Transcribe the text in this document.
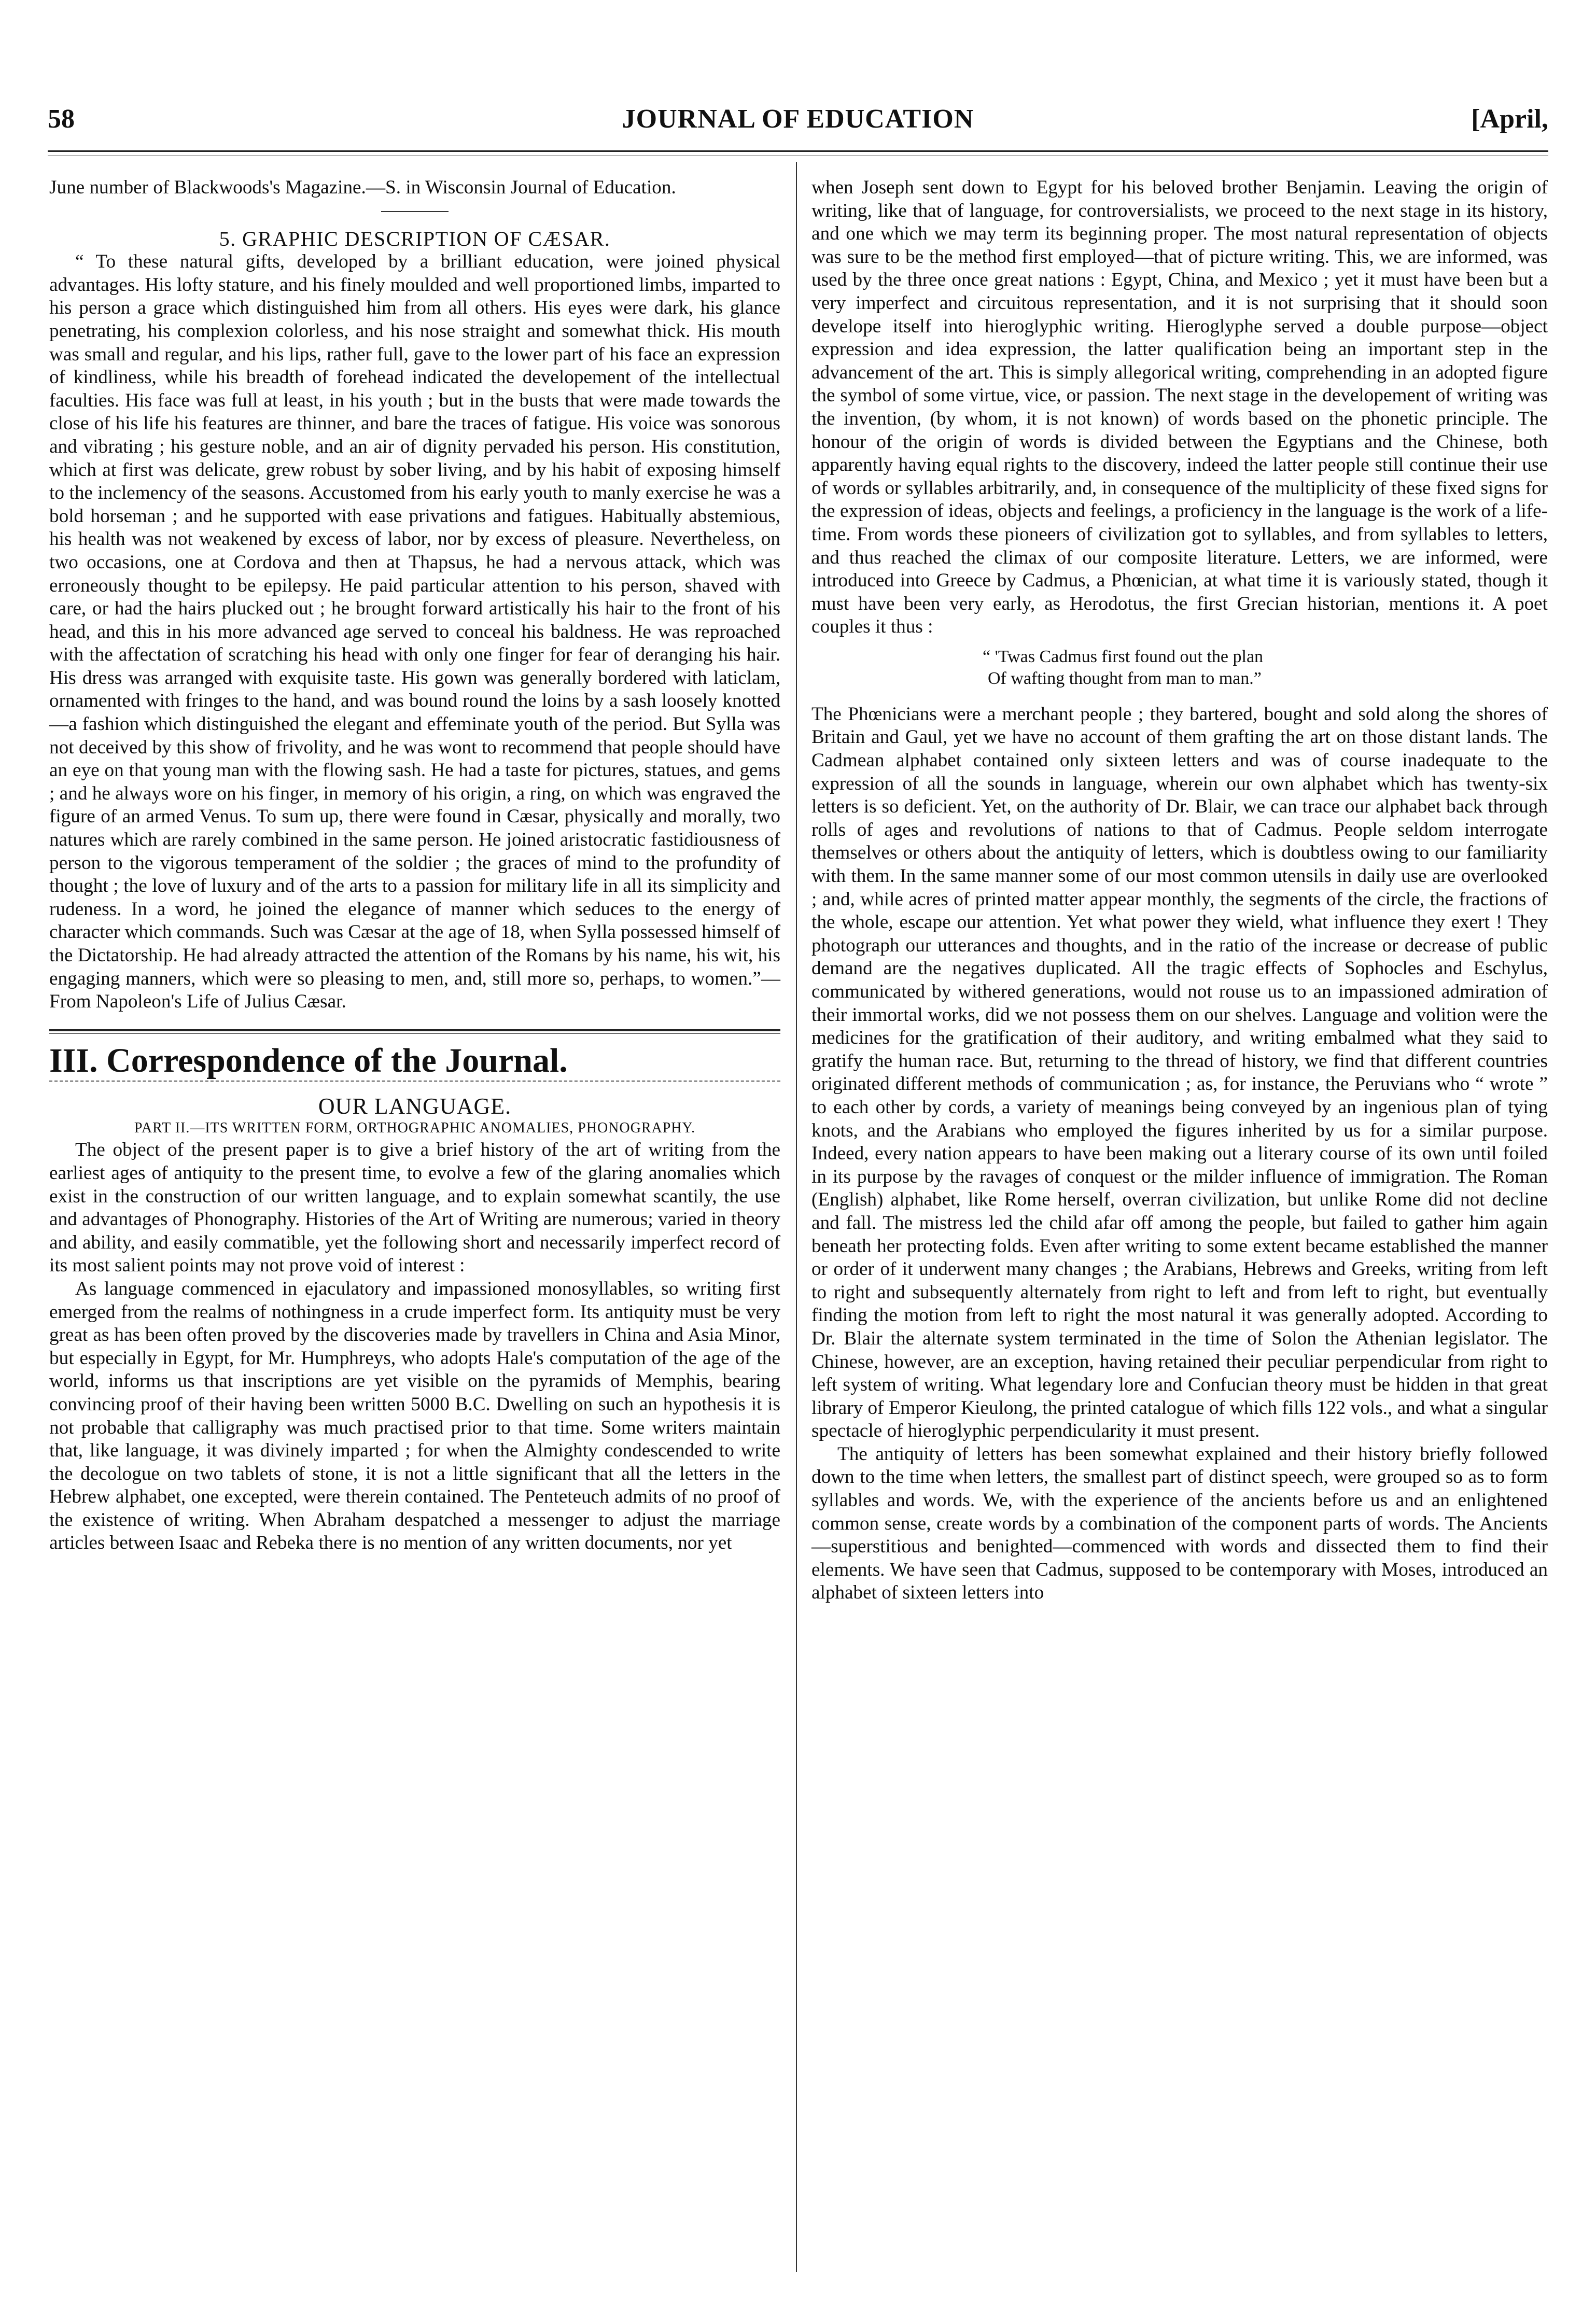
58	JOURNAL OF EDUCATION	[April,

June number of Blackwoods's Magazine.—S. in Wisconsin Journal of Education.

5. GRAPHIC DESCRIPTION OF CÆSAR.

“ To these natural gifts, developed by a brilliant education, were joined physical advantages. His lofty stature, and his finely moulded and well proportioned limbs, imparted to his person a grace which distinguished him from all others. His eyes were dark, his glance penetrating, his complexion colorless, and his nose straight and somewhat thick. His mouth was small and regular, and his lips, rather full, gave to the lower part of his face an expression of kindliness, while his breadth of forehead indicated the developement of the intellectual faculties. His face was full at least, in his youth ; but in the busts that were made towards the close of his life his features are thinner, and bare the traces of fatigue. His voice was sonorous and vibrating ; his gesture noble, and an air of dignity pervaded his person. His constitution, which at first was delicate, grew robust by sober living, and by his habit of exposing himself to the inclemency of the seasons. Accustomed from his early youth to manly exercise he was a bold horseman ; and he supported with ease privations and fatigues. Habitually abstemious, his health was not weakened by excess of labor, nor by excess of pleasure. Nevertheless, on two occasions, one at Cordova and then at Thapsus, he had a nervous attack, which was erroneously thought to be epilepsy. He paid particular attention to his person, shaved with care, or had the hairs plucked out ; he brought forward artistically his hair to the front of his head, and this in his more advanced age served to conceal his baldness. He was reproached with the affectation of scratching his head with only one finger for fear of deranging his hair. His dress was arranged with exquisite taste. His gown was generally bordered with laticlam, ornamented with fringes to the hand, and was bound round the loins by a sash loosely knotted—a fashion which distinguished the elegant and effeminate youth of the period. But Sylla was not deceived by this show of frivolity, and he was wont to recommend that people should have an eye on that young man with the flowing sash. He had a taste for pictures, statues, and gems ; and he always wore on his finger, in memory of his origin, a ring, on which was engraved the figure of an armed Venus. To sum up, there were found in Cæsar, physically and morally, two natures which are rarely combined in the same person. He joined aristocratic fastidiousness of person to the vigorous temperament of the soldier ; the graces of mind to the profundity of thought ; the love of luxury and of the arts to a passion for military life in all its simplicity and rudeness. In a word, he joined the elegance of manner which seduces to the energy of character which commands. Such was Cæsar at the age of 18, when Sylla possessed himself of the Dictatorship. He had already attracted the attention of the Romans by his name, his wit, his engaging manners, which were so pleasing to men, and, still more so, perhaps, to women.”—From Napoleon's Life of Julius Cæsar.

III. Correspondence of the Journal.

OUR LANGUAGE.

PART II.—ITS WRITTEN FORM, ORTHOGRAPHIC ANOMALIES, PHONOGRAPHY.

The object of the present paper is to give a brief history of the art of writing from the earliest ages of antiquity to the present time, to evolve a few of the glaring anomalies which exist in the construction of our written language, and to explain somewhat scantily, the use and advantages of Phonography. Histories of the Art of Writing are numerous; varied in theory and ability, and easily commatible, yet the following short and necessarily imperfect record of its most salient points may not prove void of interest :

As language commenced in ejaculatory and impassioned monosyllables, so writing first emerged from the realms of nothingness in a crude imperfect form. Its antiquity must be very great as has been often proved by the discoveries made by travellers in China and Asia Minor, but especially in Egypt, for Mr. Humphreys, who adopts Hale's computation of the age of the world, informs us that inscriptions are yet visible on the pyramids of Memphis, bearing convincing proof of their having been written 5000 B.C. Dwelling on such an hypothesis it is not probable that calligraphy was much practised prior to that time. Some writers maintain that, like language, it was divinely imparted ; for when the Almighty condescended to write the decologue on two tablets of stone, it is not a little significant that all the letters in the Hebrew alphabet, one excepted, were therein contained. The Penteteuch admits of no proof of the existence of writing. When Abraham despatched a messenger to adjust the marriage articles between Isaac and Rebeka there is no mention of any written documents, nor yet

when Joseph sent down to Egypt for his beloved brother Benjamin. Leaving the origin of writing, like that of language, for controversialists, we proceed to the next stage in its history, and one which we may term its beginning proper. The most natural representation of objects was sure to be the method first employed—that of picture writing. This, we are informed, was used by the three once great nations : Egypt, China, and Mexico ; yet it must have been but a very imperfect and circuitous representation, and it is not surprising that it should soon develope itself into hieroglyphic writing. Hieroglyphe served a double purpose—object expression and idea expression, the latter qualification being an important step in the advancement of the art. This is simply allegorical writing, comprehending in an adopted figure the symbol of some virtue, vice, or passion. The next stage in the developement of writing was the invention, (by whom, it is not known) of words based on the phonetic principle. The honour of the origin of words is divided between the Egyptians and the Chinese, both apparently having equal rights to the discovery, indeed the latter people still continue their use of words or syllables arbitrarily, and, in consequence of the multiplicity of these fixed signs for the expression of ideas, objects and feelings, a proficiency in the language is the work of a life-time. From words these pioneers of civilization got to syllables, and from syllables to letters, and thus reached the climax of our composite literature. Letters, we are informed, were introduced into Greece by Cadmus, a Phœnician, at what time it is variously stated, though it must have been very early, as Herodotus, the first Grecian historian, mentions it. A poet couples it thus :

“ 'Twas Cadmus first found out the plan
Of wafting thought from man to man.”

The Phœnicians were a merchant people ; they bartered, bought and sold along the shores of Britain and Gaul, yet we have no account of them grafting the art on those distant lands. The Cadmean alphabet contained only sixteen letters and was of course inadequate to the expression of all the sounds in language, wherein our own alphabet which has twenty-six letters is so deficient. Yet, on the authority of Dr. Blair, we can trace our alphabet back through rolls of ages and revolutions of nations to that of Cadmus. People seldom interrogate themselves or others about the antiquity of letters, which is doubtless owing to our familiarity with them. In the same manner some of our most common utensils in daily use are overlooked ; and, while acres of printed matter appear monthly, the segments of the circle, the fractions of the whole, escape our attention. Yet what power they wield, what influence they exert ! They photograph our utterances and thoughts, and in the ratio of the increase or decrease of public demand are the negatives duplicated. All the tragic effects of Sophocles and Eschylus, communicated by withered generations, would not rouse us to an impassioned admiration of their immortal works, did we not possess them on our shelves. Language and volition were the medicines for the gratification of their auditory, and writing embalmed what they said to gratify the human race. But, returning to the thread of history, we find that different countries originated different methods of communication ; as, for instance, the Peruvians who “ wrote ” to each other by cords, a variety of meanings being conveyed by an ingenious plan of tying knots, and the Arabians who employed the figures inherited by us for a similar purpose. Indeed, every nation appears to have been making out a literary course of its own until foiled in its purpose by the ravages of conquest or the milder influence of immigration. The Roman (English) alphabet, like Rome herself, overran civilization, but unlike Rome did not decline and fall. The mistress led the child afar off among the people, but failed to gather him again beneath her protecting folds. Even after writing to some extent became established the manner or order of it underwent many changes ; the Arabians, Hebrews and Greeks, writing from left to right and subsequently alternately from right to left and from left to right, but eventually finding the motion from left to right the most natural it was generally adopted. According to Dr. Blair the alternate system terminated in the time of Solon the Athenian legislator. The Chinese, however, are an exception, having retained their peculiar perpendicular from right to left system of writing. What legendary lore and Confucian theory must be hidden in that great library of Emperor Kieulong, the printed catalogue of which fills 122 vols., and what a singular spectacle of hieroglyphic perpendicularity it must present.

The antiquity of letters has been somewhat explained and their history briefly followed down to the time when letters, the smallest part of distinct speech, were grouped so as to form syllables and words. We, with the experience of the ancients before us and an enlightened common sense, create words by a combination of the component parts of words. The Ancients—superstitious and benighted—commenced with words and dissected them to find their elements. We have seen that Cadmus, supposed to be contemporary with Moses, introduced an alphabet of sixteen letters into
